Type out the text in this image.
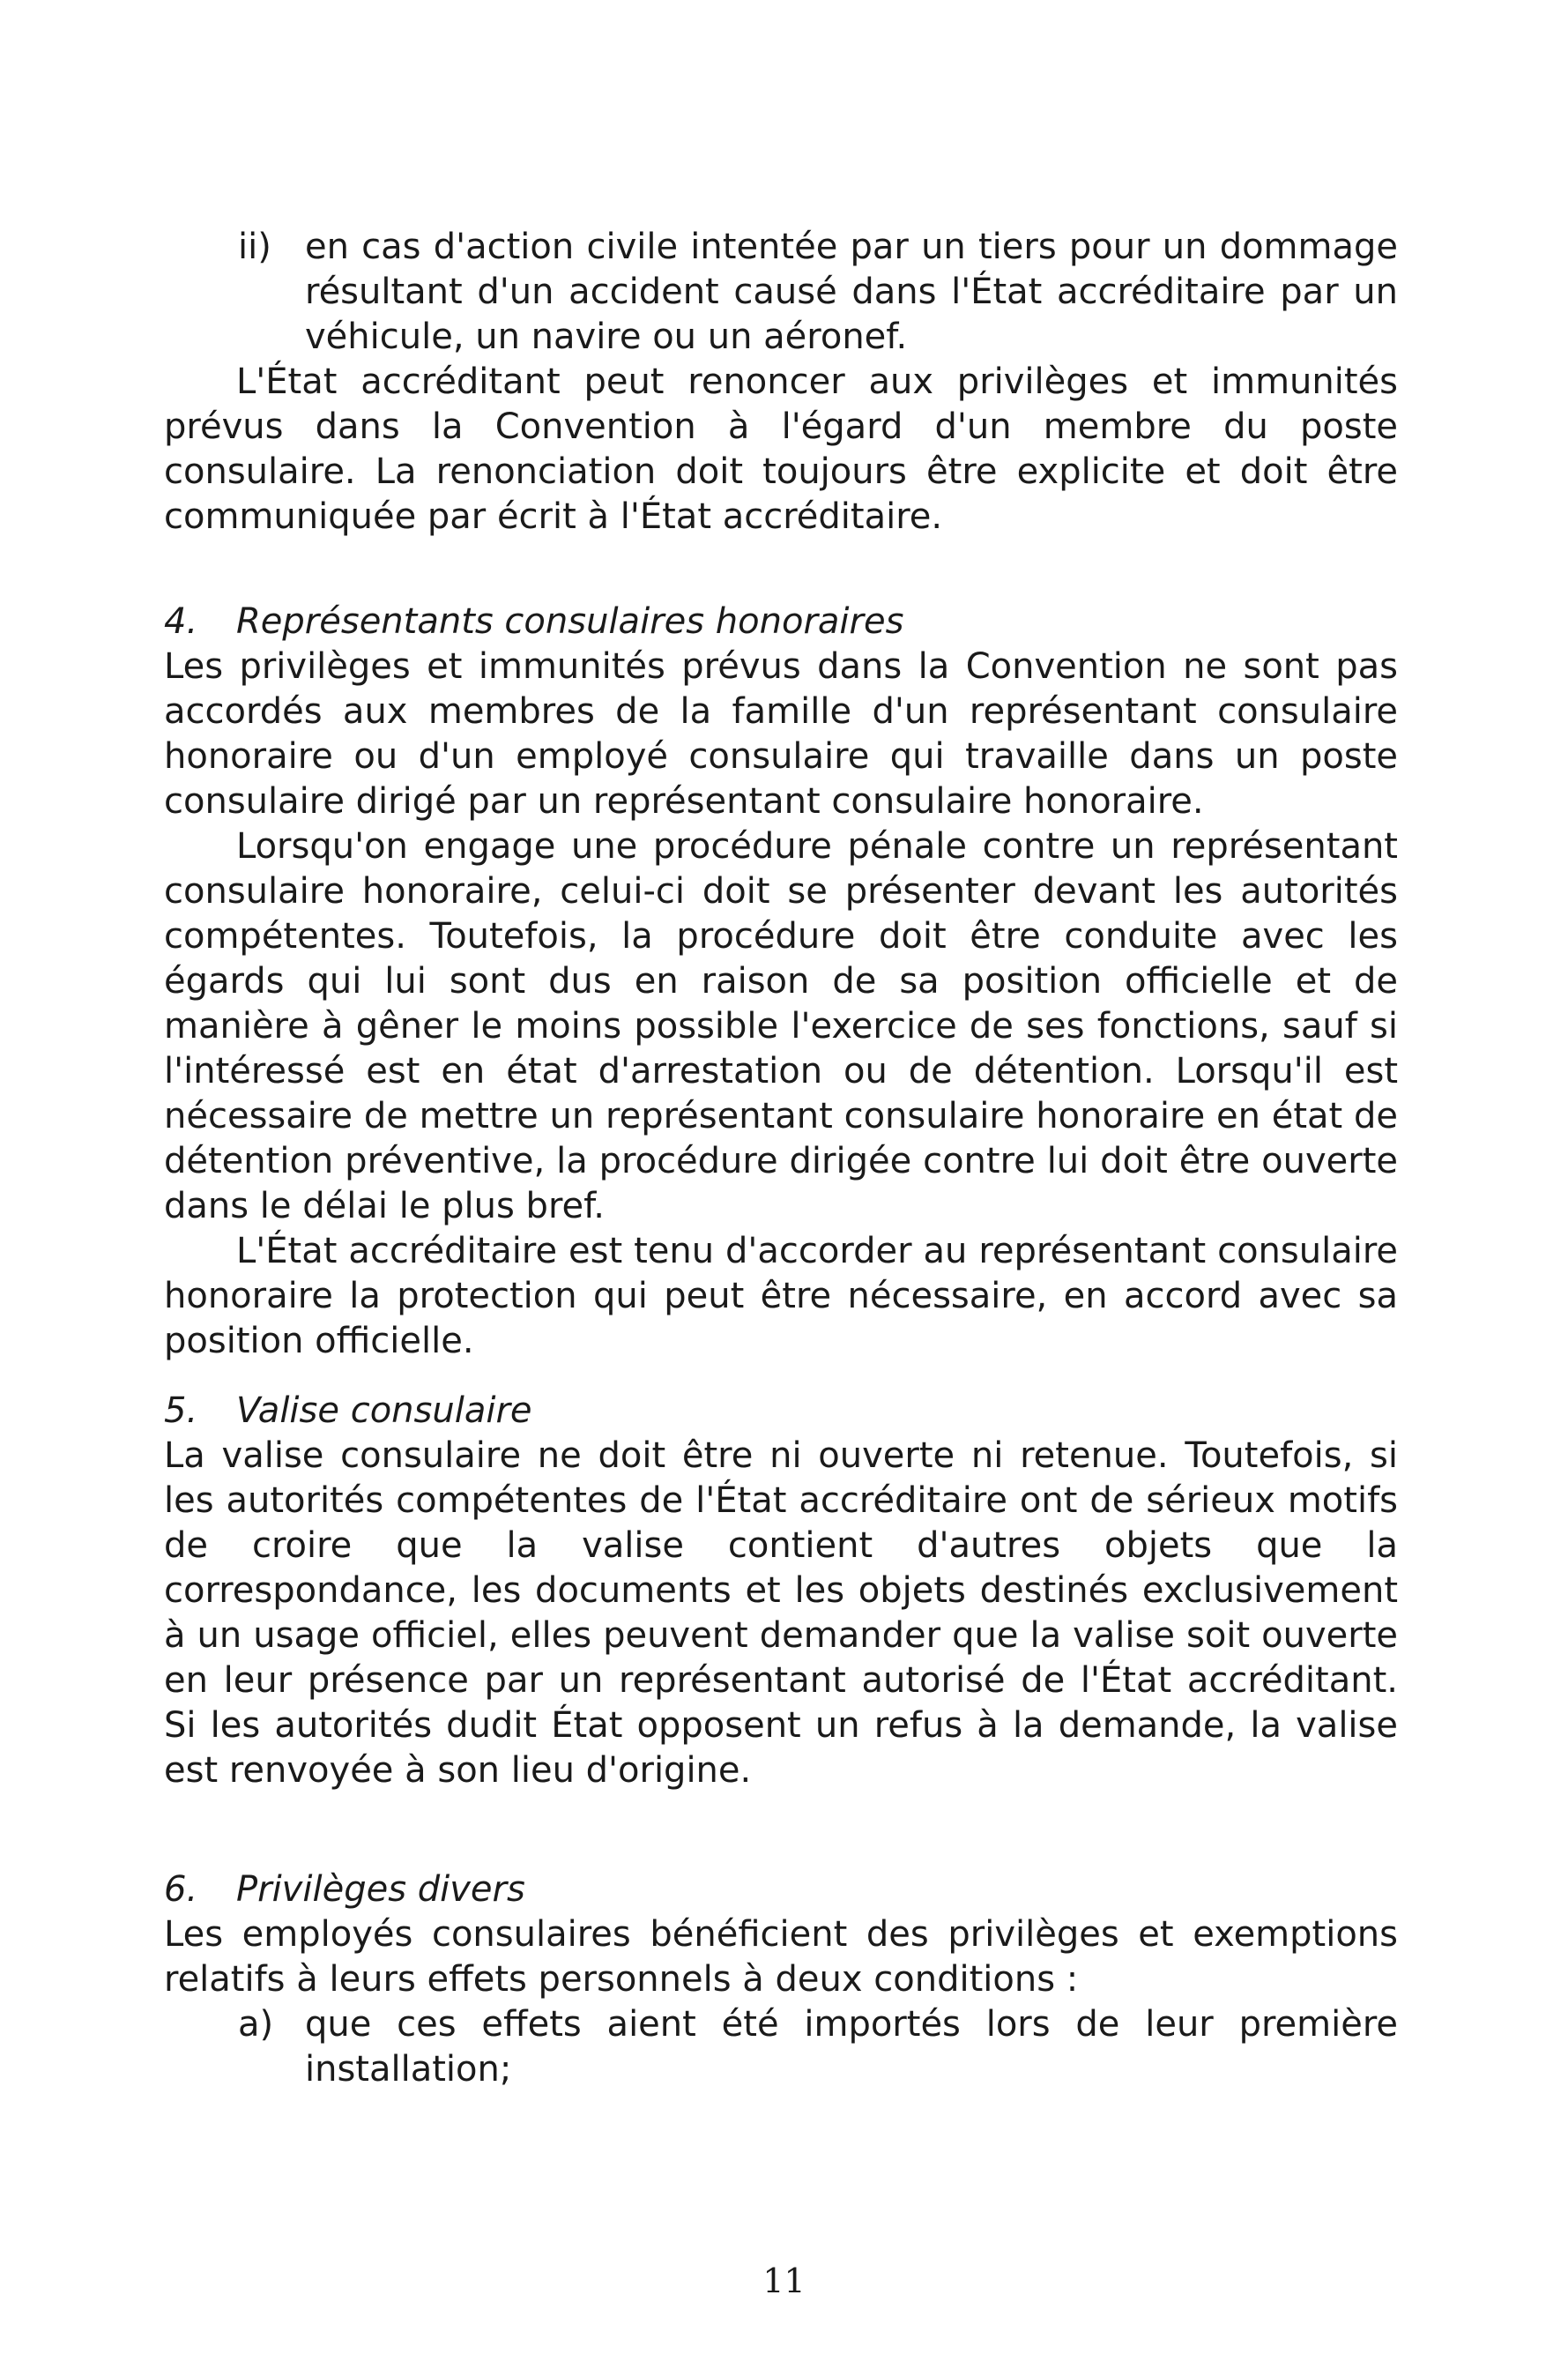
ii) en cas d'action civile intentée par un tiers pour un dommage résultant d'un accident causé dans l'État accréditaire par un véhicule, un navire ou un aéronef.

L'État accréditant peut renoncer aux privilèges et immunités prévus dans la Convention à l'égard d'un membre du poste consulaire. La renonciation doit toujours être explicite et doit être communiquée par écrit à l'État accréditaire.

4. Représentants consulaires honoraires

Les privilèges et immunités prévus dans la Convention ne sont pas accordés aux membres de la famille d'un représentant consulaire honoraire ou d'un employé consulaire qui travaille dans un poste consulaire dirigé par un représentant consulaire honoraire.

Lorsqu'on engage une procédure pénale contre un représentant consulaire honoraire, celui-ci doit se présenter devant les autorités compétentes. Toutefois, la procédure doit être conduite avec les égards qui lui sont dus en raison de sa position officielle et de manière à gêner le moins possible l'exercice de ses fonctions, sauf si l'intéressé est en état d'arrestation ou de détention. Lorsqu'il est nécessaire de mettre un représentant consulaire honoraire en état de détention préventive, la procédure dirigée contre lui doit être ouverte dans le délai le plus bref.

L'État accréditaire est tenu d'accorder au représentant consulaire honoraire la protection qui peut être nécessaire, en accord avec sa position officielle.

5. Valise consulaire

La valise consulaire ne doit être ni ouverte ni retenue. Toutefois, si les autorités compétentes de l'État accréditaire ont de sérieux motifs de croire que la valise contient d'autres objets que la correspondance, les documents et les objets destinés exclusivement à un usage officiel, elles peuvent demander que la valise soit ouverte en leur présence par un représentant autorisé de l'État accréditant. Si les autorités dudit État opposent un refus à la demande, la valise est renvoyée à son lieu d'origine.

6. Privilèges divers

Les employés consulaires bénéficient des privilèges et exemptions relatifs à leurs effets personnels à deux conditions :

a) que ces effets aient été importés lors de leur première installation;

11
